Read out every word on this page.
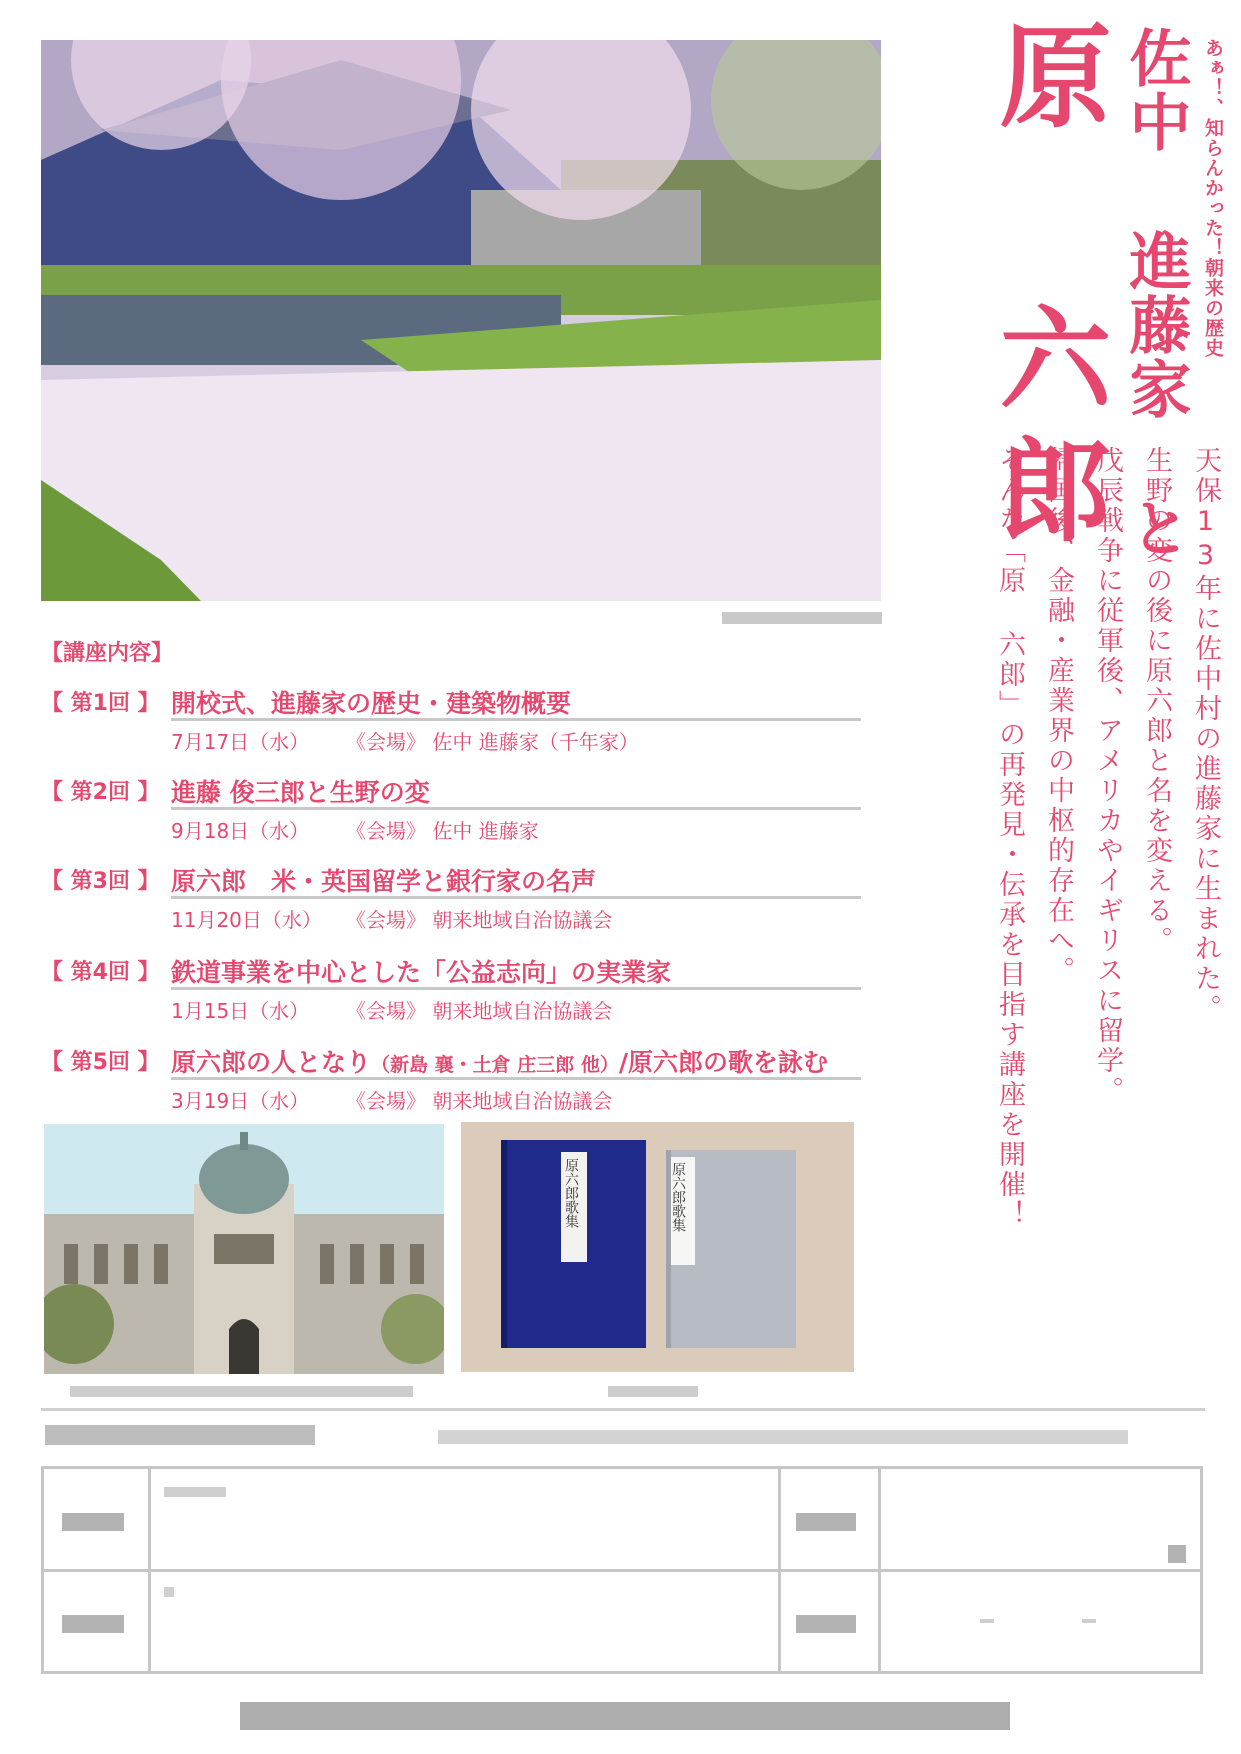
あぁ！、知らんかった！朝来の歴史
佐中 進藤家 と
原 六郎
天保13年に佐中村の進藤家に生まれた。
生野の変の後に原六郎と名を変える。
戊辰戦争に従軍後、アメリカやイギリスに留学。
帰国後、金融・産業界の中枢的存在へ。
そんな「原 六郎」の再発見・伝承を目指す講座を開催！
【講座内容】
【 第1回 】 開校式、進藤家の歴史・建築物概要
7月17日（水） 《会場》 佐中 進藤家（千年家）
【 第2回 】 進藤 俊三郎と生野の変
9月18日（水） 《会場》 佐中 進藤家
【 第3回 】 原六郎　米・英国留学と銀行家の名声
11月20日（水） 《会場》 朝来地域自治協議会
【 第4回 】 鉄道事業を中心とした「公益志向」の実業家
1月15日（水） 《会場》 朝来地域自治協議会
【 第5回 】 原六郎の人となり（新島 襄・土倉 庄三郎 他）/原六郎の歌を詠む
3月19日（水） 《会場》 朝来地域自治協議会
原六郎歌集	原六郎歌集
